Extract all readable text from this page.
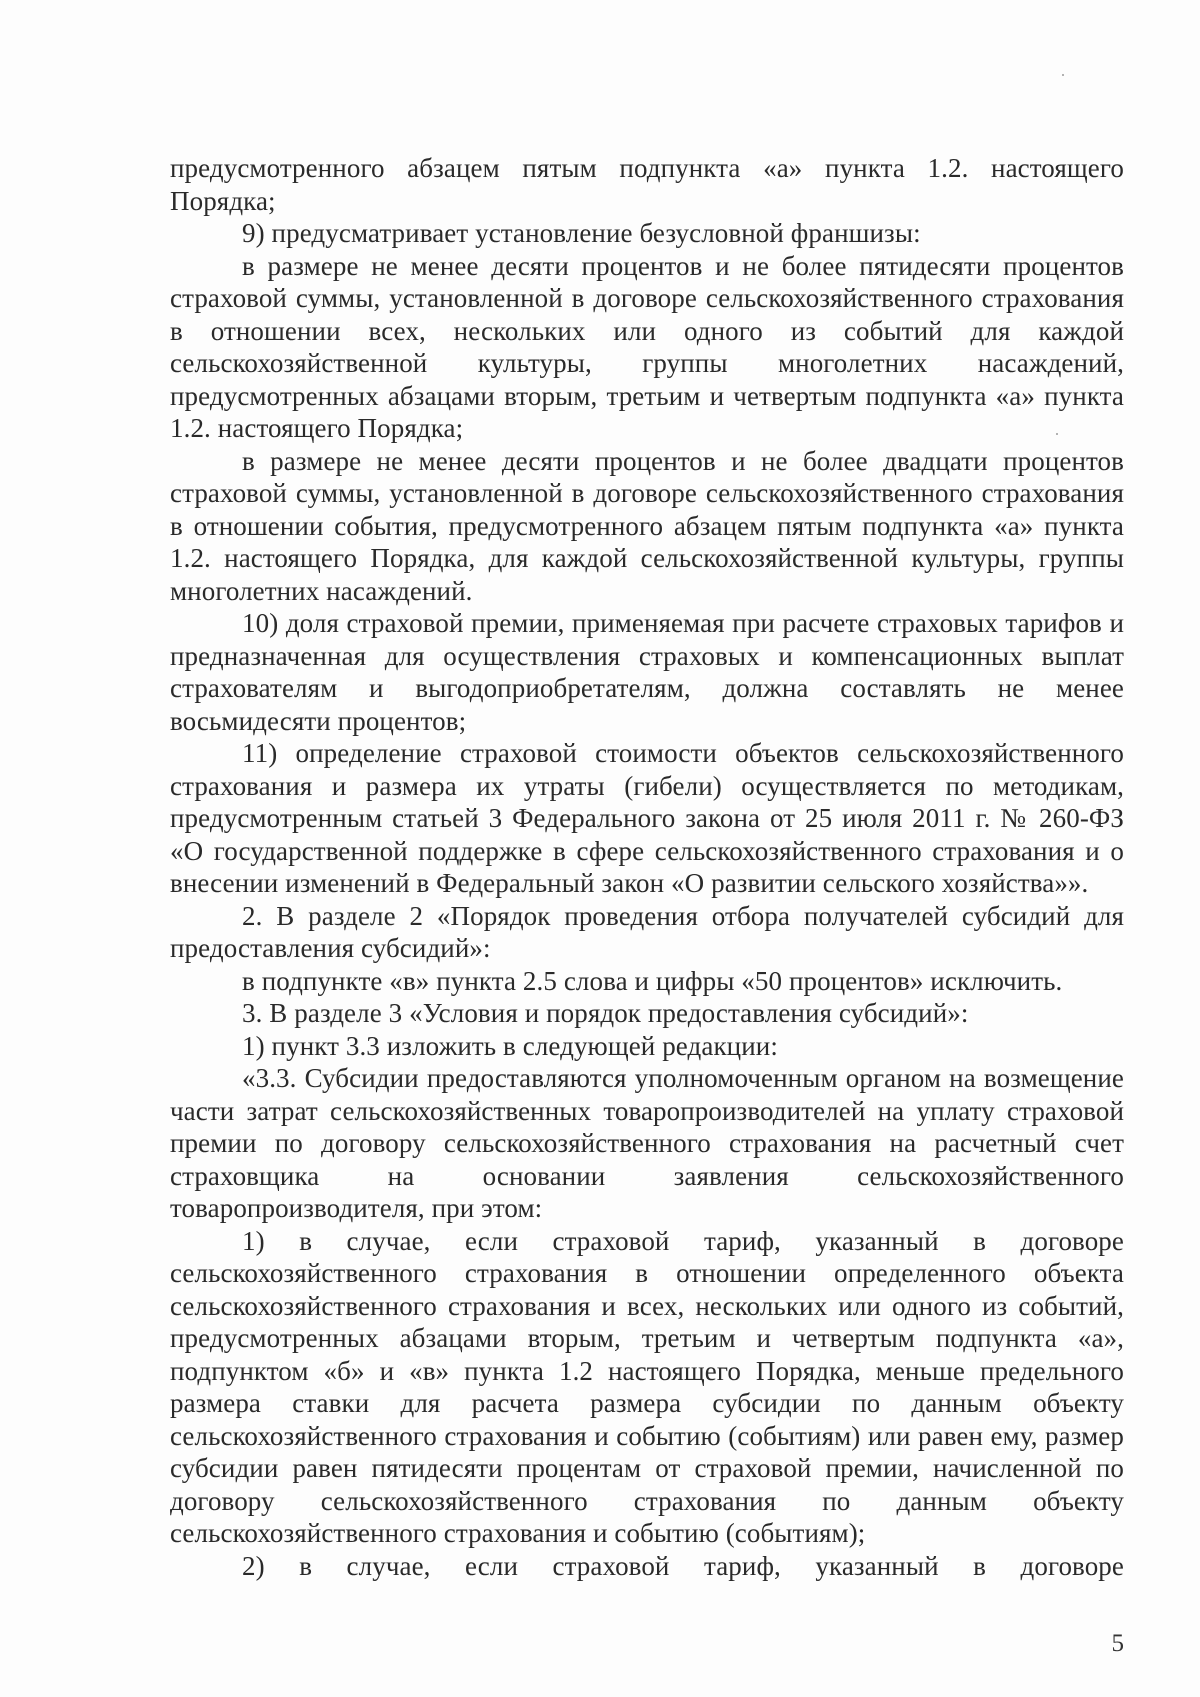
предусмотренного абзацем пятым подпункта «а» пункта 1.2. настоящего Порядка;

9) предусматривает установление безусловной франшизы:

в размере не менее десяти процентов и не более пятидесяти процентов страховой суммы, установленной в договоре сельскохозяйственного страхования в отношении всех, нескольких или одного из событий для каждой сельскохозяйственной культуры, группы многолетних насаждений, предусмотренных абзацами вторым, третьим и четвертым подпункта «а» пункта 1.2. настоящего Порядка;

в размере не менее десяти процентов и не более двадцати процентов страховой суммы, установленной в договоре сельскохозяйственного страхования в отношении события, предусмотренного абзацем пятым подпункта «а» пункта 1.2. настоящего Порядка, для каждой сельскохозяйственной культуры, группы многолетних насаждений.

10) доля страховой премии, применяемая при расчете страховых тарифов и предназначенная для осуществления страховых и компенсационных выплат страхователям и выгодоприобретателям, должна составлять не менее восьмидесяти процентов;

11) определение страховой стоимости объектов сельскохозяйственного страхования и размера их утраты (гибели) осуществляется по методикам, предусмотренным статьей 3 Федерального закона от 25 июля 2011 г. № 260-ФЗ «О государственной поддержке в сфере сельскохозяйственного страхования и о внесении изменений в Федеральный закон «О развитии сельского хозяйства»».

2. В разделе 2 «Порядок проведения отбора получателей субсидий для предоставления субсидий»:

в подпункте «в» пункта 2.5 слова и цифры «50 процентов» исключить.

3. В разделе 3 «Условия и порядок предоставления субсидий»:

1) пункт 3.3 изложить в следующей редакции:

«3.3. Субсидии предоставляются уполномоченным органом на возмещение части затрат сельскохозяйственных товаропроизводителей на уплату страховой премии по договору сельскохозяйственного страхования на расчетный счет страховщика на основании заявления сельскохозяйственного товаропроизводителя, при этом:

1) в случае, если страховой тариф, указанный в договоре сельскохозяйственного страхования в отношении определенного объекта сельскохозяйственного страхования и всех, нескольких или одного из событий, предусмотренных абзацами вторым, третьим и четвертым подпункта «а», подпунктом «б» и «в» пункта 1.2 настоящего Порядка, меньше предельного размера ставки для расчета размера субсидии по данным объекту сельскохозяйственного страхования и событию (событиям) или равен ему, размер субсидии равен пятидесяти процентам от страховой премии, начисленной по договору сельскохозяйственного страхования по данным объекту сельскохозяйственного страхования и событию (событиям);

2) в случае, если страховой тариф, указанный в договоре

5
